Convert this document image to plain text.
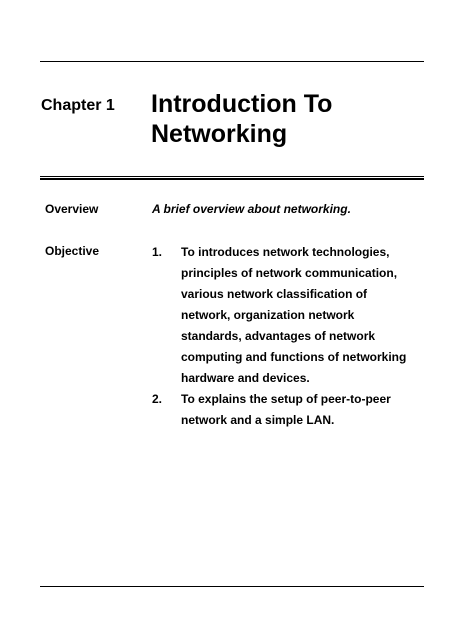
Chapter 1 Introduction To
Networking
Overview	A brief overview about networking.
Objective	1.	To introduces network technologies,
principles of network communication,
various network classification of
network, organization network
standards, advantages of network
computing and functions of networking
hardware and devices.
2.	To explains the setup of peer-to-peer
network and a simple LAN.
